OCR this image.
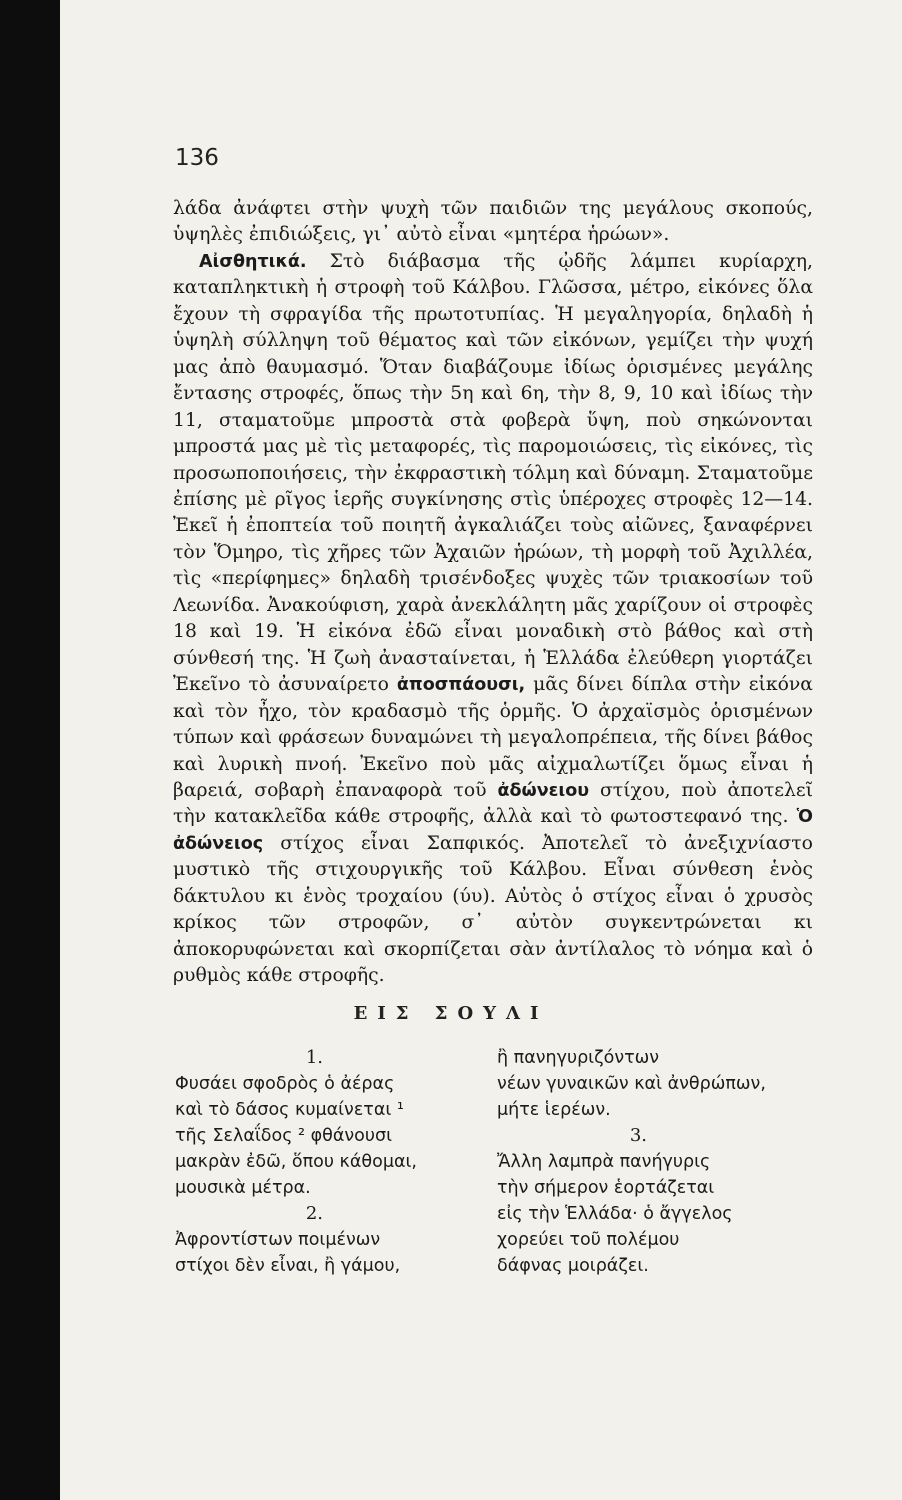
136

λάδα ἀνάφτει στὴν ψυχὴ τῶν παιδιῶν της μεγάλους σκοπούς, ὑψηλὲς ἐπιδιώξεις, γι᾿ αὐτὸ εἶναι «μητέρα ἡρώων».

Αἰσθητικά. Στὸ διάβασμα τῆς ᾠδῆς λάμπει κυρίαρχη, καταπληκτικὴ ἡ στροφὴ τοῦ Κάλβου. Γλῶσσα, μέτρο, εἰκόνες ὅλα ἔχουν τὴ σφραγίδα τῆς πρωτοτυπίας. Ἡ μεγαληγορία, δηλαδὴ ἡ ὑψηλὴ σύλληψη τοῦ θέματος καὶ τῶν εἰκόνων, γεμίζει τὴν ψυχή μας ἀπὸ θαυμασμό. Ὅταν διαβάζουμε ἰδίως ὁρισμένες μεγάλης ἔντασης στροφές, ὅπως τὴν 5η καὶ 6η, τὴν 8, 9, 10 καὶ ἰδίως τὴν 11, σταματοῦμε μπροστὰ στὰ φοβερὰ ὕψη, ποὺ σηκώνονται μπροστά μας μὲ τὶς μεταφορές, τὶς παρομοιώσεις, τὶς εἰκόνες, τὶς προσωποποιήσεις, τὴν ἐκφραστικὴ τόλμη καὶ δύναμη. Σταματοῦμε ἐπίσης μὲ ρῖγος ἱερῆς συγκίνησης στὶς ὑπέροχες στροφὲς 12—14. Ἐκεῖ ἡ ἐποπτεία τοῦ ποιητῆ ἀγκαλιάζει τοὺς αἰῶνες, ξαναφέρνει τὸν Ὅμηρο, τὶς χῆρες τῶν Ἀχαιῶν ἡρώων, τὴ μορφὴ τοῦ Ἀχιλλέα, τὶς «περίφημες» δηλαδὴ τρισένδοξες ψυχὲς τῶν τριακοσίων τοῦ Λεωνίδα. Ἀνακούφιση, χαρὰ ἀνεκλάλητη μᾶς χαρίζουν οἱ στροφὲς 18 καὶ 19. Ἡ εἰκόνα ἐδῶ εἶναι μοναδικὴ στὸ βάθος καὶ στὴ σύνθεσή της. Ἡ ζωὴ ἀνασταίνεται, ἡ Ἑλλάδα ἐλεύθερη γιορτάζει Ἐκεῖνο τὸ ἀσυναίρετο ἀποσπάουσι, μᾶς δίνει δίπλα στὴν εἰκόνα καὶ τὸν ἦχο, τὸν κραδασμὸ τῆς ὁρμῆς. Ὁ ἀρχαϊσμὸς ὁρισμένων τύπων καὶ φράσεων δυναμώνει τὴ μεγαλοπρέπεια, τῆς δίνει βάθος καὶ λυρικὴ πνοή. Ἐκεῖνο ποὺ μᾶς αἰχμαλωτίζει ὅμως εἶναι ἡ βαρειά, σοβαρὴ ἐπαναφορὰ τοῦ ἀδώνειου στίχου, ποὺ ἀποτελεῖ τὴν κατακλεῖδα κάθε στροφῆς, ἀλλὰ καὶ τὸ φωτοστεφανό της. Ὁ ἀδώνειος στίχος εἶναι Σαπφικός. Ἀποτελεῖ τὸ ἀνεξιχνίαστο μυστικὸ τῆς στιχουργικῆς τοῦ Κάλβου. Εἶναι σύνθεση ἑνὸς δάκτυλου κι ἑνὸς τροχαίου (ύυ). Αὐτὸς ὁ στίχος εἶναι ὁ χρυσὸς κρίκος τῶν στροφῶν, σ᾿ αὐτὸν συγκεντρώνεται κι ἀποκορυφώνεται καὶ σκορπίζεται σὰν ἀντίλαλος τὸ νόημα καὶ ὁ ρυθμὸς κάθε στροφῆς.

ΕΙΣ ΣΟΥΛΙ
1.
Φυσάει σφοδρὸς ὁ ἀέρας
καὶ τὸ δάσος κυμαίνεται ¹
τῆς Σελαΐδος ² φθάνουσι
μακρὰν ἐδῶ, ὅπου κάθομαι,
μουσικὰ μέτρα.
2.
Ἀφροντίστων ποιμένων
στίχοι δὲν εἶναι, ἢ γάμου,
ἢ πανηγυριζόντων
νέων γυναικῶν καὶ ἀνθρώπων,
μήτε ἱερέων.
3.
Ἄλλη λαμπρὰ πανήγυρις
τὴν σήμερον ἑορτάζεται
εἰς τὴν Ἑλλάδα· ὁ ἄγγελος
χορεύει τοῦ πολέμου
δάφνας μοιράζει.
